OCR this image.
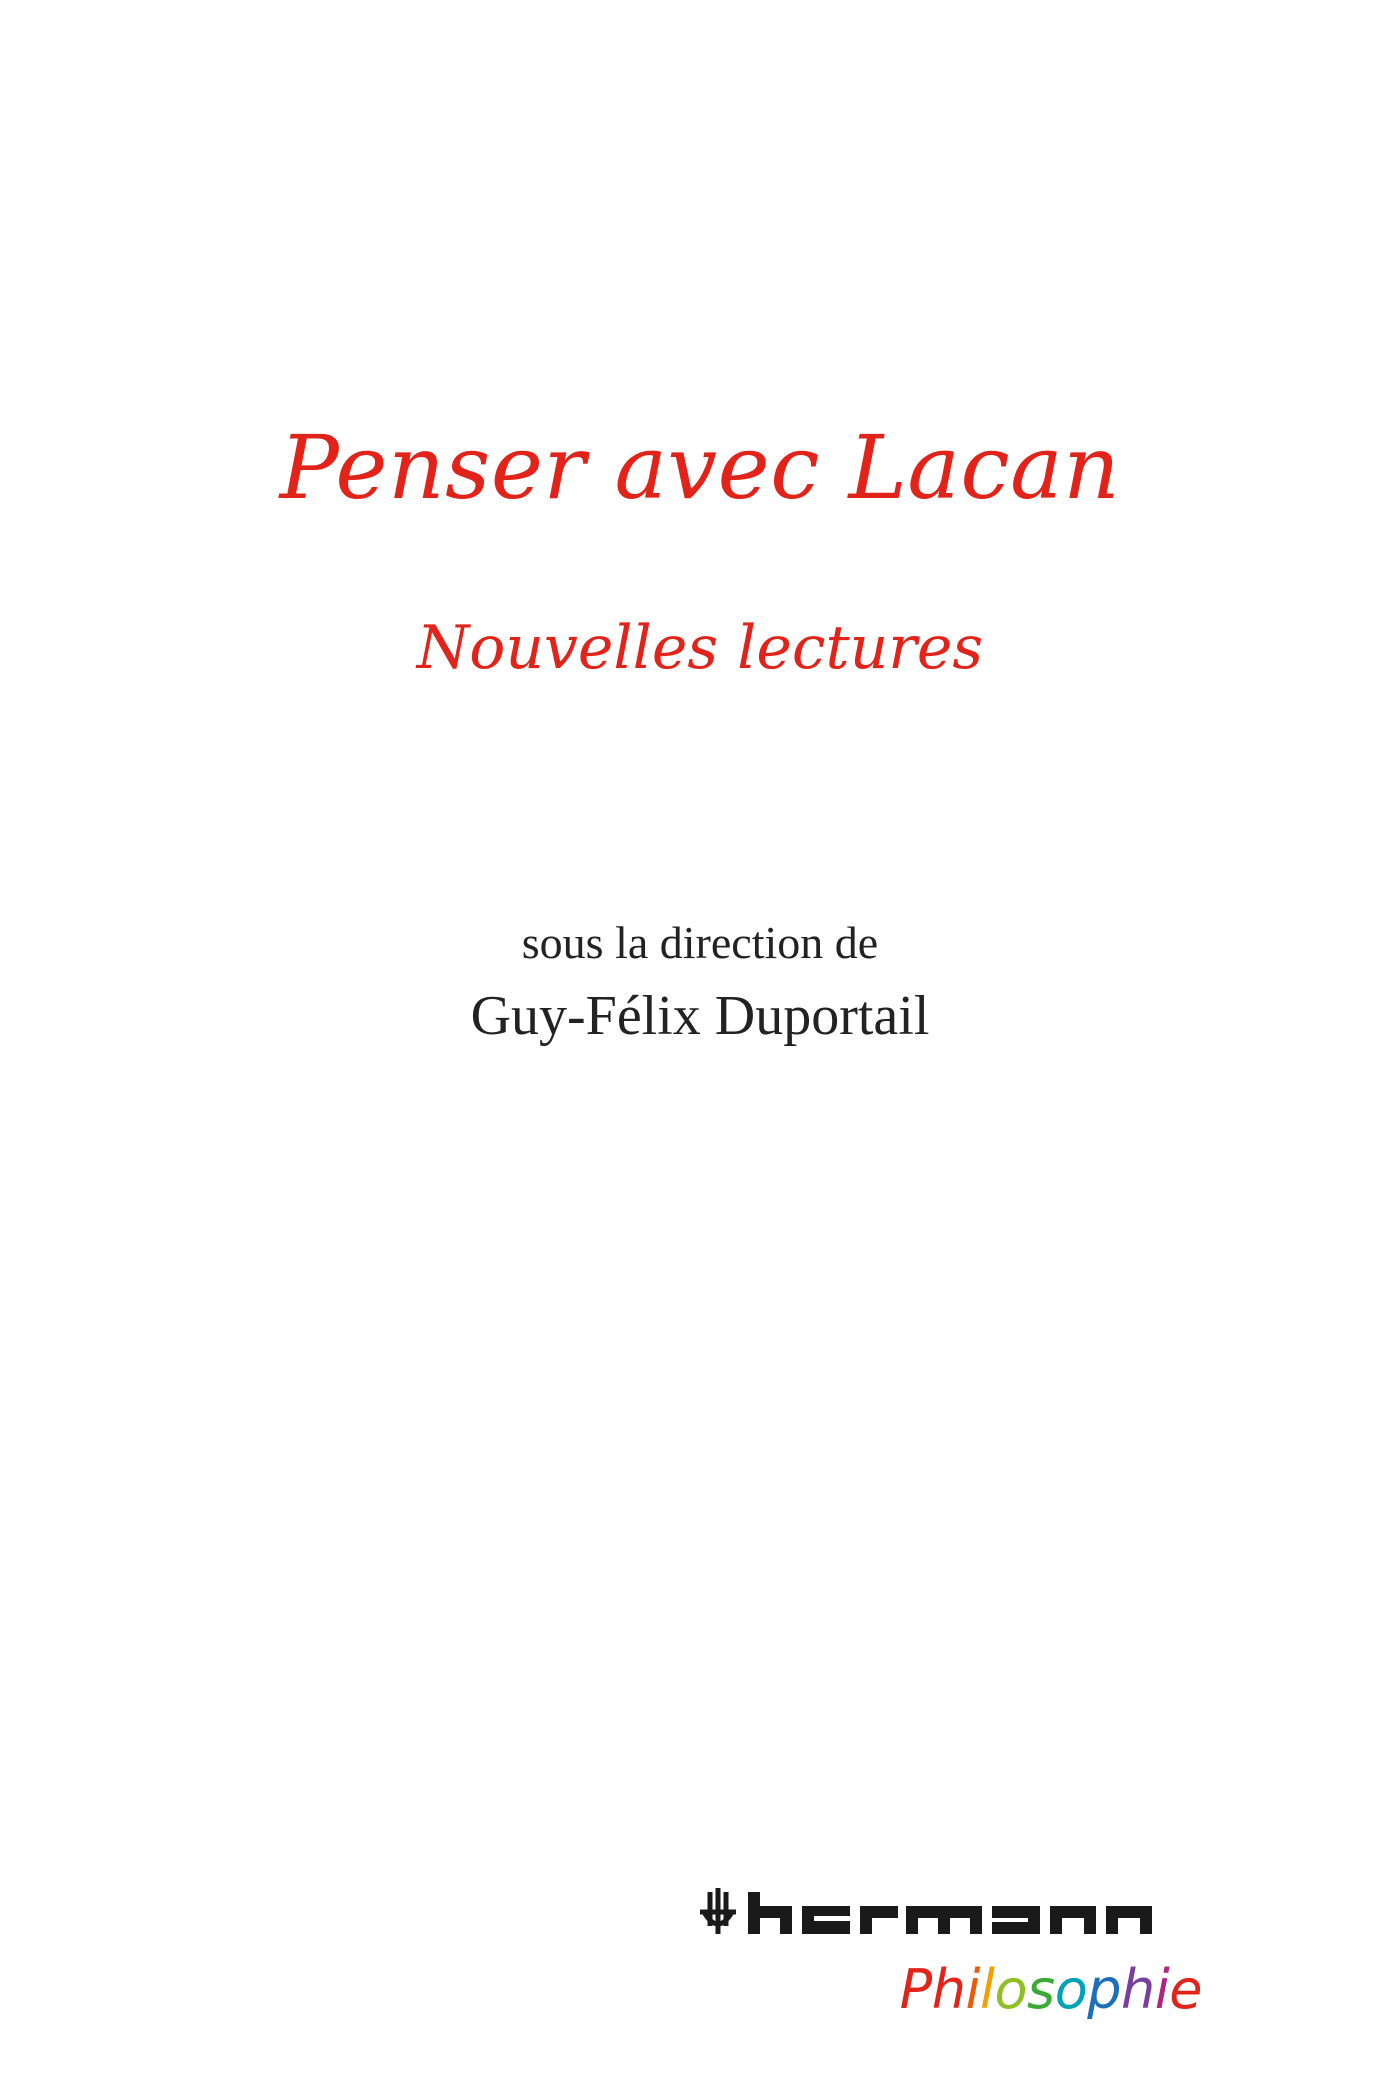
Penser avec Lacan
Nouvelles lectures
sous la direction de
Guy-Félix Duportail
Philosophie
